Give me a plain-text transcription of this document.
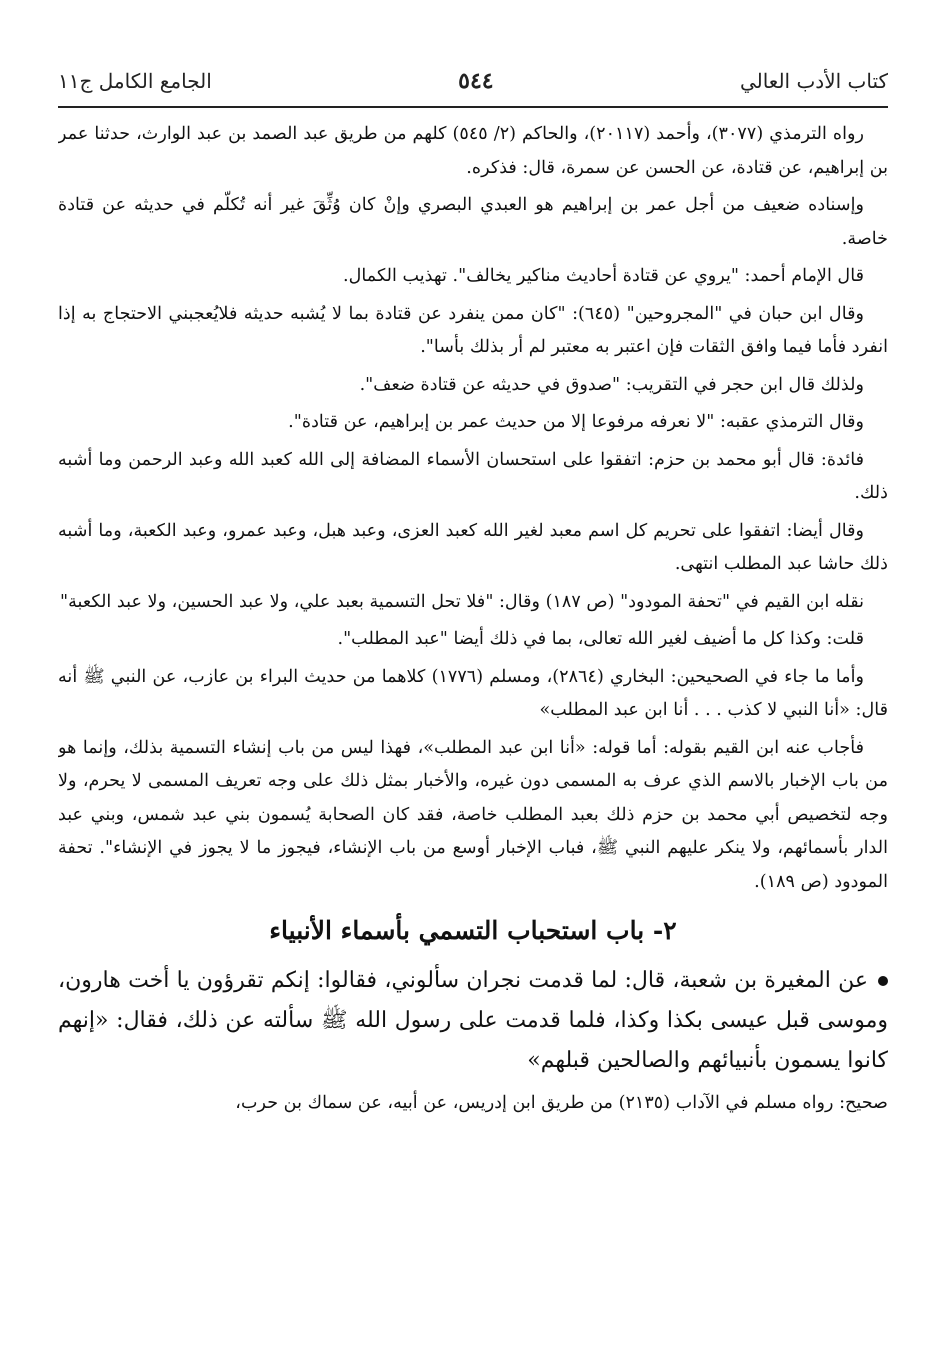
كتاب الأدب العالي
٥٤٤
الجامع الكامل ج١١

رواه الترمذي (٣٠٧٧)، وأحمد (٢٠١١٧)، والحاكم (٢/ ٥٤٥) كلهم من طريق عبد الصمد بن عبد الوارث، حدثنا عمر بن إبراهيم، عن قتادة، عن الحسن عن سمرة، قال: فذكره.

وإسناده ضعيف من أجل عمر بن إبراهيم هو العبدي البصري وإنْ كان وُثِّقَ غير أنه تُكلّم في حديثه عن قتادة خاصة.

قال الإمام أحمد: "يروي عن قتادة أحاديث مناكير يخالف". تهذيب الكمال.

وقال ابن حبان في "المجروحين" (٦٤٥): "كان ممن ينفرد عن قتادة بما لا يُشبه حديثه فلايُعجبني الاحتجاج به إذا انفرد فأما فيما وافق الثقات فإن اعتبر به معتبر لم أر بذلك بأسا".

ولذلك قال ابن حجر في التقريب: "صدوق في حديثه عن قتادة ضعف".

وقال الترمذي عقبه: "لا نعرفه مرفوعا إلا من حديث عمر بن إبراهيم، عن قتادة".

فائدة: قال أبو محمد بن حزم: اتفقوا على استحسان الأسماء المضافة إلى الله كعبد الله وعبد الرحمن وما أشبه ذلك.

وقال أيضا: اتفقوا على تحريم كل اسم معبد لغير الله كعبد العزى، وعبد هبل، وعبد عمرو، وعبد الكعبة، وما أشبه ذلك حاشا عبد المطلب انتهى.

نقله ابن القيم في "تحفة المودود" (ص ١٨٧) وقال: "فلا تحل التسمية بعبد علي، ولا عبد الحسين، ولا عبد الكعبة"

قلت: وكذا كل ما أضيف لغير الله تعالى، بما في ذلك أيضا "عبد المطلب".

وأما ما جاء في الصحيحين: البخاري (٢٨٦٤)، ومسلم (١٧٧٦) كلاهما من حديث البراء بن عازب، عن النبي ﷺ أنه قال: «أنا النبي لا كذب . . . أنا ابن عبد المطلب»

فأجاب عنه ابن القيم بقوله: أما قوله: «أنا ابن عبد المطلب»، فهذا ليس من باب إنشاء التسمية بذلك، وإنما هو من باب الإخبار بالاسم الذي عرف به المسمى دون غيره، والأخبار بمثل ذلك على وجه تعريف المسمى لا يحرم، ولا وجه لتخصيص أبي محمد بن حزم ذلك بعبد المطلب خاصة، فقد كان الصحابة يُسمون بني عبد شمس، وبني عبد الدار بأسمائهم، ولا ينكر عليهم النبي ﷺ، فباب الإخبار أوسع من باب الإنشاء، فيجوز ما لا يجوز في الإنشاء". تحفة المودود (ص ١٨٩).

٢- باب استحباب التسمي بأسماء الأنبياء

عن المغيرة بن شعبة، قال: لما قدمت نجران سألوني، فقالوا: إنكم تقرؤون يا أخت هارون، وموسى قبل عيسى بكذا وكذا، فلما قدمت على رسول الله ﷺ سألته عن ذلك، فقال: «إنهم كانوا يسمون بأنبيائهم والصالحين قبلهم»

صحيح: رواه مسلم في الآداب (٢١٣٥) من طريق ابن إدريس، عن أبيه، عن سماك بن حرب،
